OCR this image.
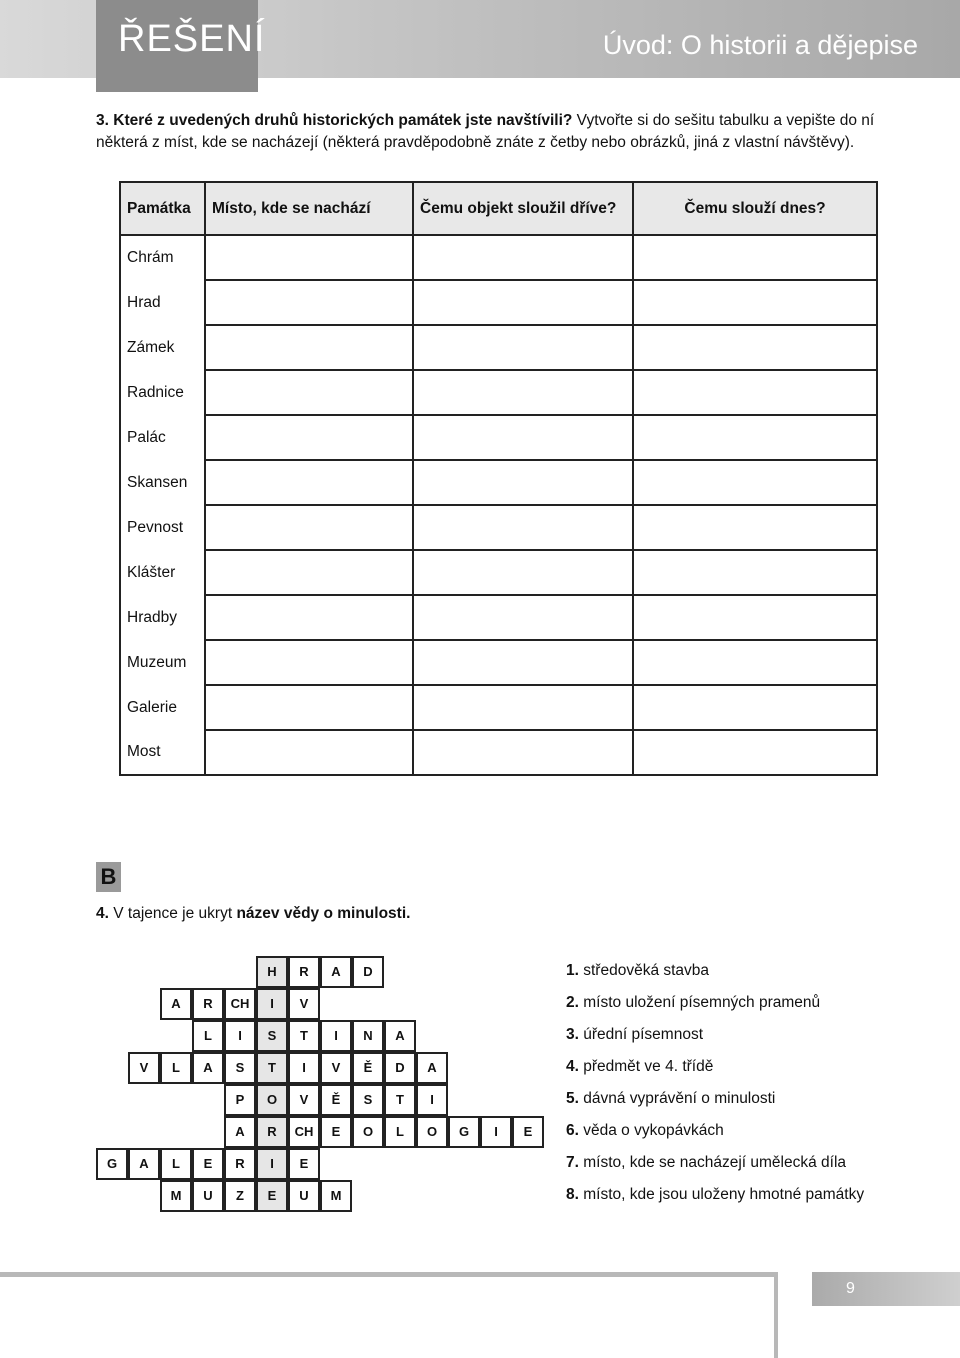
ŘEŠENÍ	Úvod: O historii a dějepise
3. Které z uvedených druhů historických památek jste navštívili? Vytvořte si do sešitu tabulku a vepište do ní některá z míst, kde se nacházejí (některá pravděpodobně znáte z četby nebo obrázků, jiná z vlastní návštěvy).
Památka	Místo, kde se nachází	Čemu objekt sloužil dříve?	Čemu slouží dnes?
Chrám			
Hrad			
Zámek			
Radnice			
Palác			
Skansen			
Pevnost			
Klášter			
Hradby			
Muzeum			
Galerie			
Most			
B
4. V tajence je ukryt název vědy o minulosti.
H	R	A	D
A	R	CH	I	V
L	I	S	T	I	N	A
V	L	A	S	T	I	V	Ě	D	A
P	O	V	Ě	S	T	I
A	R	CH	E	O	L	O	G	I	E
G	A	L	E	R	I	E
M	U	Z	E	U	M
1. středověká stavba
2. místo uložení písemných pramenů
3. úřední písemnost
4. předmět ve 4. třídě
5. dávná vyprávění o minulosti
6. věda o vykopávkách
7. místo, kde se nacházejí umělecká díla
8. místo, kde jsou uloženy hmotné památky
9
